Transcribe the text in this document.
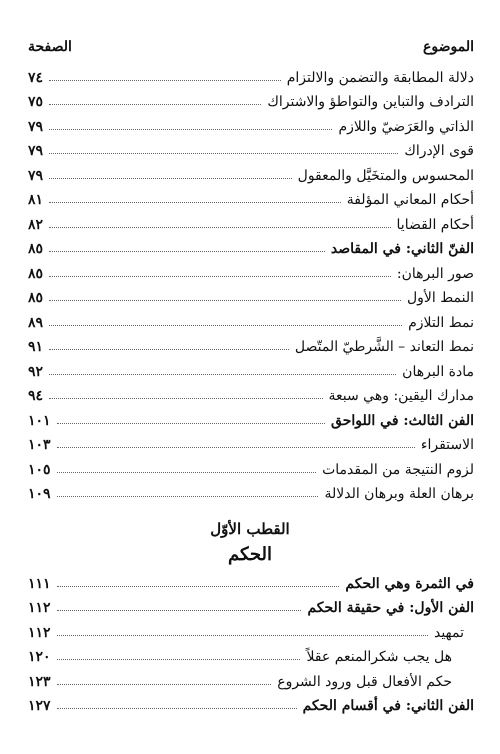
الموضوع
الصفحة
دلالة المطابقة والتضمن والالتزام
٧٤
الترادف والتباين والتواطؤ والاشتراك
٧٥
الذاتي والعَرَضيّ واللازم
٧٩
قوى الإدراك
٧٩
المحسوس والمتخَيَّل والمعقول
٧٩
أحكام المعاني المؤلفة
٨١
أحكام القضايا
٨٢
الفنّ الثاني: في المقاصد
٨٥
صور البرهان:
٨٥
النمط الأول
٨٥
نمط التلازم
٨٩
نمط التعاند – الشَّرطيّ المتّصل
٩١
مادة البرهان
٩٢
مدارك اليقين: وهي سبعة
٩٤
الفن الثالث: في اللواحق
١٠١
الاستقراء
١٠٣
لزوم النتيجة من المقدمات
١٠٥
برهان العلة وبرهان الدلالة
١٠٩
القطب الأوّل
الحكم
في الثمرة وهي الحكم
١١١
الفن الأول: في حقيقة الحكم
١١٢
تمهيد
١١٢
هل يجب شكرالمنعم عقلاً
١٢٠
حكم الأفعال قبل ورود الشروع
١٢٣
الفن الثاني: في أقسام الحكم
١٢٧
